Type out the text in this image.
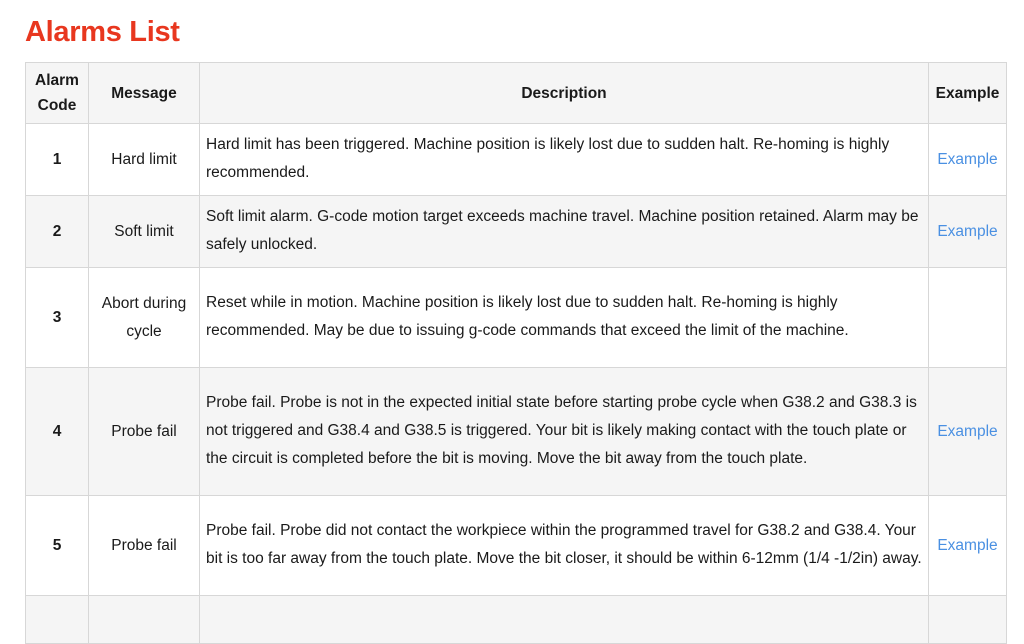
Alarms List
Alarm Code	Message	Description	Example
1	Hard limit	Hard limit has been triggered. Machine position is likely lost due to sudden halt. Re-homing is highly recommended.	Example
2	Soft limit	Soft limit alarm. G-code motion target exceeds machine travel. Machine position retained. Alarm may be safely unlocked.	Example
3	Abort during cycle	Reset while in motion. Machine position is likely lost due to sudden halt. Re-homing is highly recommended. May be due to issuing g-code commands that exceed the limit of the machine.	
4	Probe fail	Probe fail. Probe is not in the expected initial state before starting probe cycle when G38.2 and G38.3 is not triggered and G38.4 and G38.5 is triggered. Your bit is likely making contact with the touch plate or the circuit is completed before the bit is moving. Move the bit away from the touch plate.	Example
5	Probe fail	Probe fail. Probe did not contact the workpiece within the programmed travel for G38.2 and G38.4. Your bit is too far away from the touch plate. Move the bit closer, it should be within 6-12mm (1/4 -1/2in) away.	Example
